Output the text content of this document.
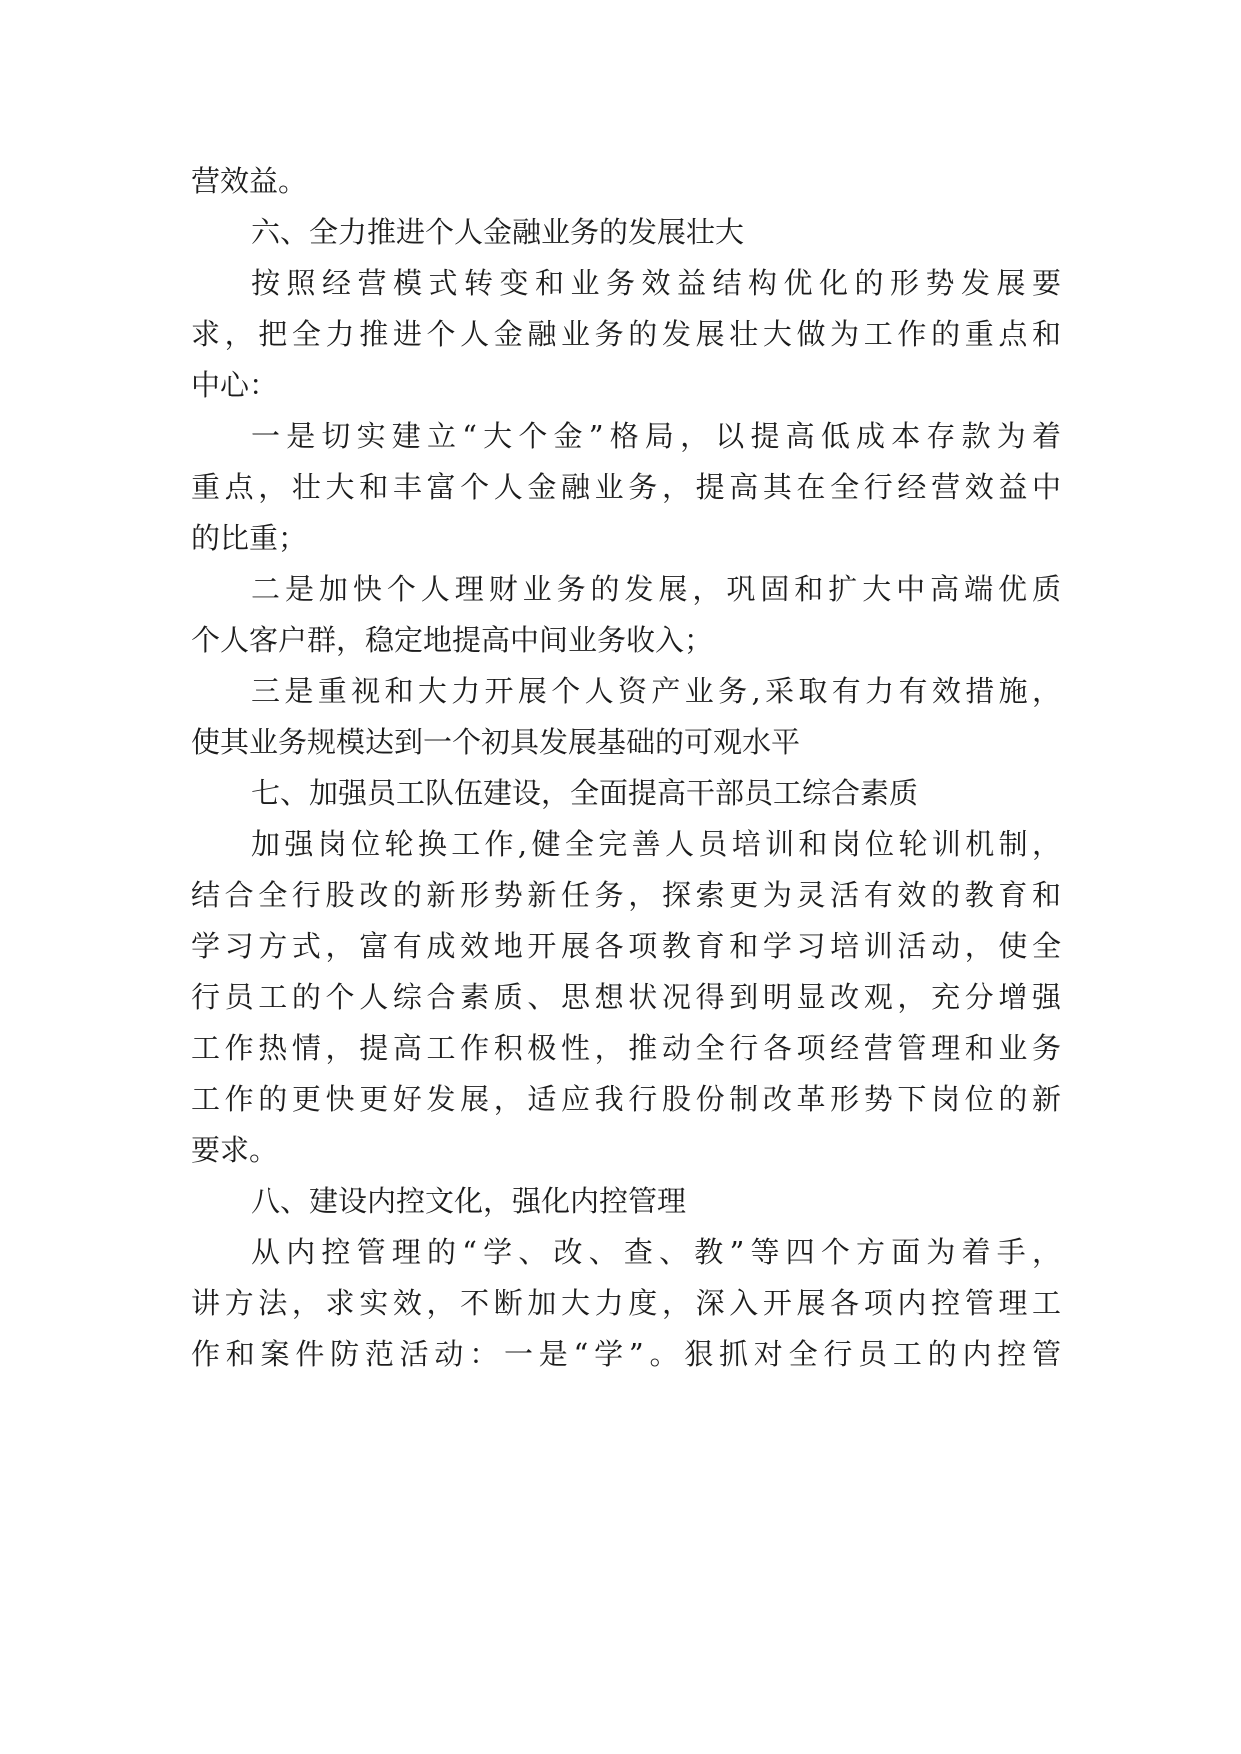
营效益。
六、全力推进个人金融业务的发展壮大
按照经营模式转变和业务效益结构优化的形势发展要
求，把全力推进个人金融业务的发展壮大做为工作的重点和
中心：
一是切实建立“大个金”格局，以提高低成本存款为着
重点，壮大和丰富个人金融业务，提高其在全行经营效益中
的比重；
二是加快个人理财业务的发展，巩固和扩大中高端优质
个人客户群，稳定地提高中间业务收入；
三是重视和大力开展个人资产业务,采取有力有效措施，
使其业务规模达到一个初具发展基础的可观水平
七、加强员工队伍建设，全面提高干部员工综合素质
加强岗位轮换工作,健全完善人员培训和岗位轮训机制，
结合全行股改的新形势新任务，探索更为灵活有效的教育和
学习方式，富有成效地开展各项教育和学习培训活动，使全
行员工的个人综合素质、思想状况得到明显改观，充分增强
工作热情，提高工作积极性，推动全行各项经营管理和业务
工作的更快更好发展，适应我行股份制改革形势下岗位的新
要求。
八、建设内控文化，强化内控管理
从内控管理的“学、改、查、教”等四个方面为着手，
讲方法，求实效，不断加大力度，深入开展各项内控管理工
作和案件防范活动：一是“学”。狠抓对全行员工的内控管
